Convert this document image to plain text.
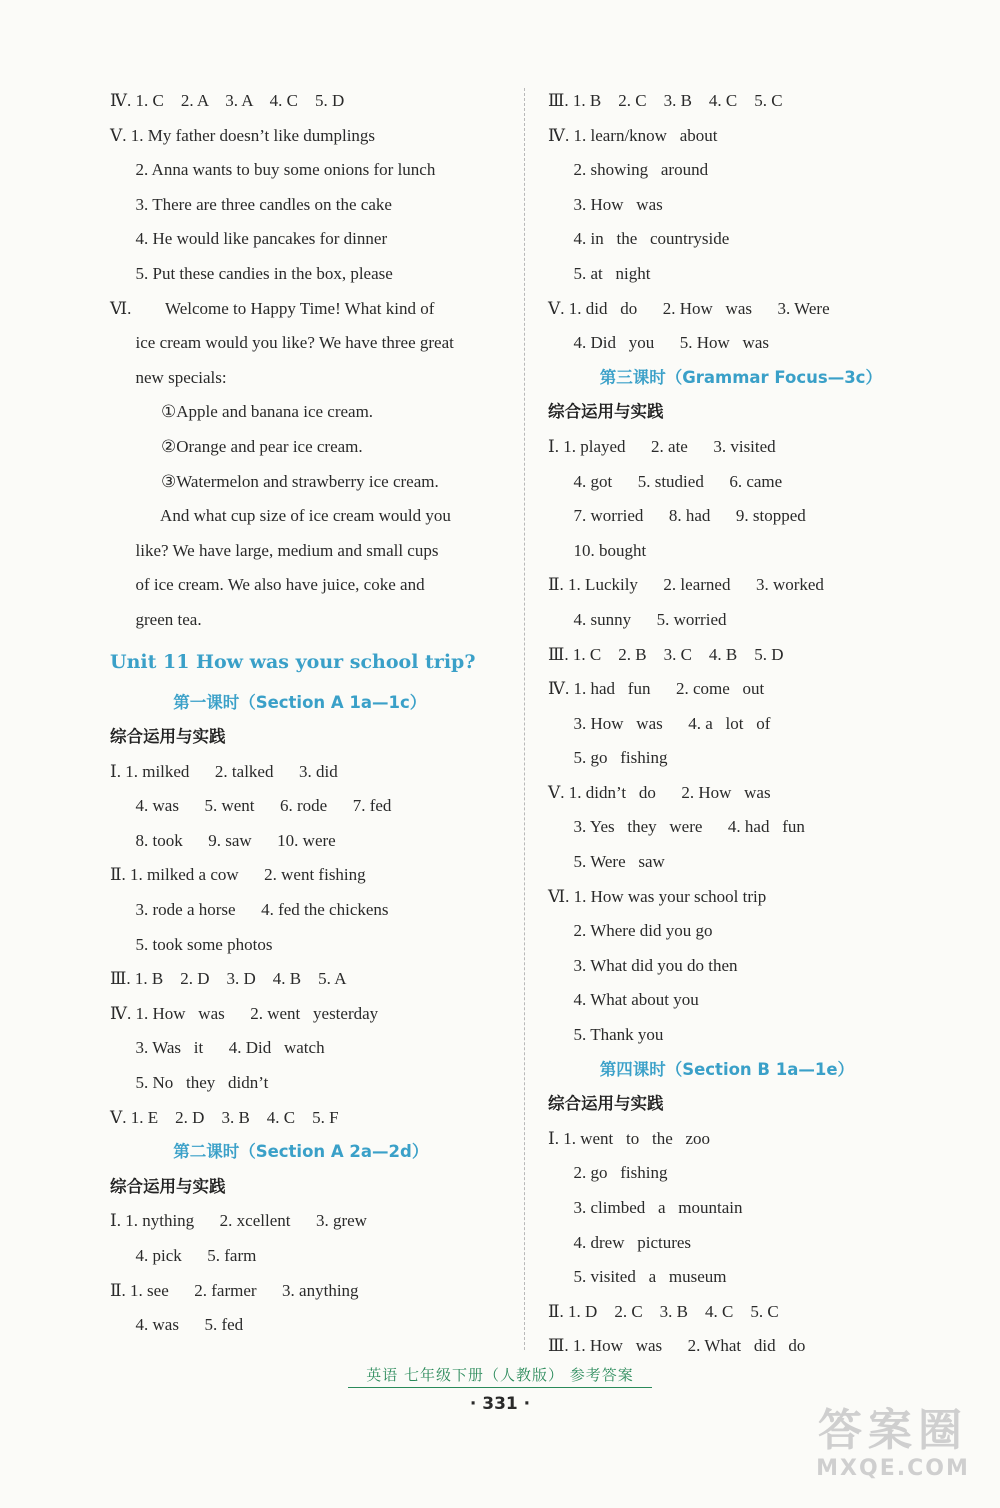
Ⅳ. 1. C    2. A    3. A    4. C    5. D
Ⅴ. 1. My father doesn’t like dumplings
2. Anna wants to buy some onions for lunch
3. There are three candles on the cake
4. He would like pancakes for dinner
5. Put these candies in the box, please
Ⅵ.        Welcome to Happy Time! What kind of
ice cream would you like? We have three great
new specials:
①Apple and banana ice cream.
②Orange and pear ice cream.
③Watermelon and strawberry ice cream.
And what cup size of ice cream would you
like? We have large, medium and small cups
of ice cream. We also have juice, coke and
green tea.
Unit 11 How was your school trip?
第一课时（Section A 1a—1c）
综合运用与实践
Ⅰ. 1. milked      2. talked      3. did
4. was      5. went      6. rode      7. fed
8. took      9. saw      10. were
Ⅱ. 1. milked a cow      2. went fishing
3. rode a horse      4. fed the chickens
5. took some photos
Ⅲ. 1. B    2. D    3. D    4. B    5. A
Ⅳ. 1. How   was      2. went   yesterday
3. Was   it      4. Did   watch
5. No   they   didn’t
Ⅴ. 1. E    2. D    3. B    4. C    5. F
第二课时（Section A 2a—2d）
综合运用与实践
Ⅰ. 1. nything      2. xcellent      3. grew
4. pick      5. farm
Ⅱ. 1. see      2. farmer      3. anything
4. was      5. fed
Ⅲ. 1. B    2. C    3. B    4. C    5. C
Ⅳ. 1. learn/know   about
2. showing   around
3. How   was
4. in   the   countryside
5. at   night
Ⅴ. 1. did   do      2. How   was      3. Were
4. Did   you      5. How   was
第三课时（Grammar Focus—3c）
综合运用与实践
Ⅰ. 1. played      2. ate      3. visited
4. got      5. studied      6. came
7. worried      8. had      9. stopped
10. bought
Ⅱ. 1. Luckily      2. learned      3. worked
4. sunny      5. worried
Ⅲ. 1. C    2. B    3. C    4. B    5. D
Ⅳ. 1. had   fun      2. come   out
3. How   was      4. a   lot   of
5. go   fishing
Ⅴ. 1. didn’t   do      2. How   was
3. Yes   they   were      4. had   fun
5. Were   saw
Ⅵ. 1. How was your school trip
2. Where did you go
3. What did you do then
4. What about you
5. Thank you
第四课时（Section B 1a—1e）
综合运用与实践
Ⅰ. 1. went   to   the   zoo
2. go   fishing
3. climbed   a   mountain
4. drew   pictures
5. visited   a   museum
Ⅱ. 1. D    2. C    3. B    4. C    5. C
Ⅲ. 1. How   was      2. What   did   do
英语 七年级下册（人教版） 参考答案
· 331 ·
答案圈
MXQE.COM
